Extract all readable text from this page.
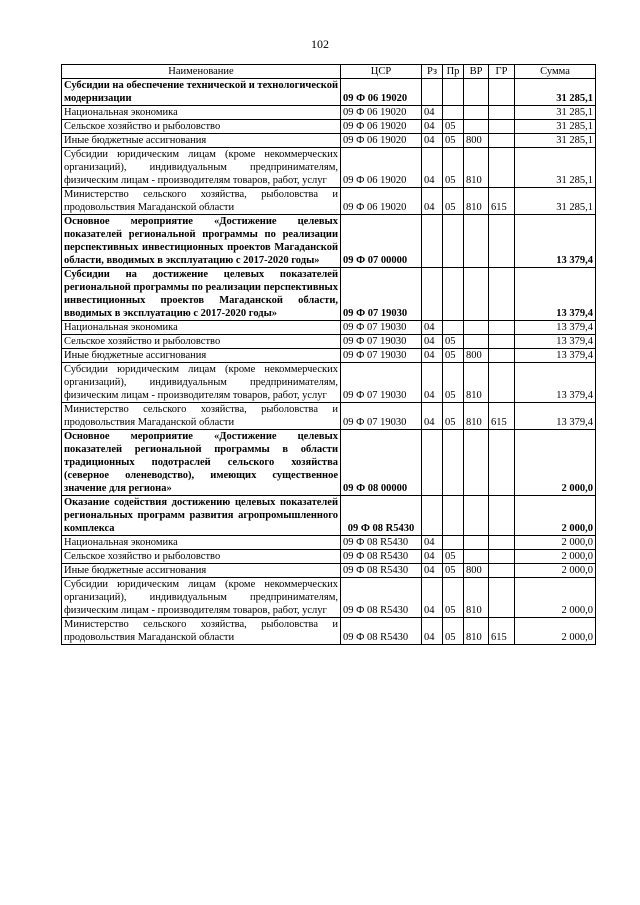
102
Наименование	ЦСР	Рз	Пр	ВР	ГР	Сумма
Субсидии на обеспечение технической и технологической модернизации	09 Ф 06 19020					31 285,1
Национальная экономика	09 Ф 06 19020	04				31 285,1
Сельское хозяйство и рыболовство	09 Ф 06 19020	04	05			31 285,1
Иные бюджетные ассигнования	09 Ф 06 19020	04	05	800		31 285,1
Субсидии юридическим лицам (кроме некоммерческих организаций), индивидуальным предпринимателям, физическим лицам - производителям товаров, работ, услуг	09 Ф 06 19020	04	05	810		31 285,1
Министерство сельского хозяйства, рыболовства и продовольствия Магаданской области	09 Ф 06 19020	04	05	810	615	31 285,1
Основное мероприятие «Достижение целевых показателей региональной программы по реализации перспективных инвестиционных проектов Магаданской области, вводимых в эксплуатацию с 2017-2020 годы»	09 Ф 07 00000					13 379,4
Субсидии на достижение целевых показателей региональной программы по реализации перспективных инвестиционных проектов Магаданской области, вводимых в эксплуатацию с 2017-2020 годы»	09 Ф 07 19030					13 379,4
Национальная экономика	09 Ф 07 19030	04				13 379,4
Сельское хозяйство и рыболовство	09 Ф 07 19030	04	05			13 379,4
Иные бюджетные ассигнования	09 Ф 07 19030	04	05	800		13 379,4
Субсидии юридическим лицам (кроме некоммерческих организаций), индивидуальным предпринимателям, физическим лицам - производителям товаров, работ, услуг	09 Ф 07 19030	04	05	810		13 379,4
Министерство сельского хозяйства, рыболовства и продовольствия Магаданской области	09 Ф 07 19030	04	05	810	615	13 379,4
Основное мероприятие «Достижение целевых показателей региональной программы в области традиционных подотраслей сельского хозяйства (северное оленеводство), имеющих существенное значение для региона»	09 Ф 08 00000					2 000,0
Оказание содействия достижению целевых показателей региональных программ развития агропромышленного комплекса	09 Ф 08 R5430					2 000,0
Национальная экономика	09 Ф 08 R5430	04				2 000,0
Сельское хозяйство и рыболовство	09 Ф 08 R5430	04	05			2 000,0
Иные бюджетные ассигнования	09 Ф 08 R5430	04	05	800		2 000,0
Субсидии юридическим лицам (кроме некоммерческих организаций), индивидуальным предпринимателям, физическим лицам - производителям товаров, работ, услуг	09 Ф 08 R5430	04	05	810		2 000,0
Министерство сельского хозяйства, рыболовства и продовольствия Магаданской области	09 Ф 08 R5430	04	05	810	615	2 000,0
